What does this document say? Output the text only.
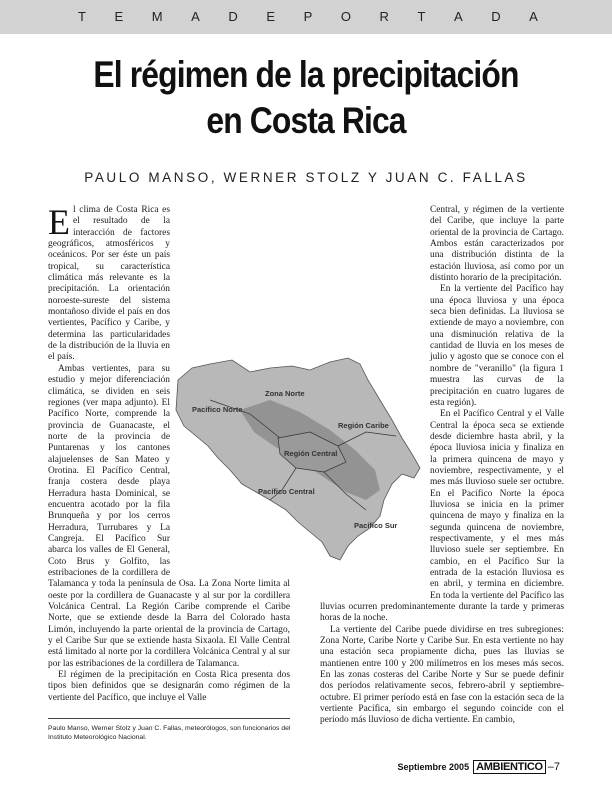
T E M A D E P O R T A D A
El régimen de la precipitación
en Costa Rica
PAULO MANSO, WERNER STOLZ Y JUAN C. FALLAS

El clima de Costa Rica es el resultado de la interacción de factores geográficos, atmosféricos y oceánicos. Por ser éste un país tropical, su característica climática más relevante es la precipitación. La orientación noroeste-sureste del sistema montañoso divide el país en dos vertientes, Pacífico y Caribe, y determina las particularidades de la distribución de la lluvia en el país.

Ambas vertientes, para su estudio y mejor diferenciación climática, se dividen en seis regiones (ver mapa adjunto). El Pacífico Norte, comprende la provincia de Guanacaste, el norte de la provincia de Puntarenas y los cantones alajuelenses de San Mateo y Orotina. El Pacífico Central, franja costera desde playa Herradura hasta Dominical, se encuentra acotado por la fila Brunqueña y por los cerros Herradura, Turrubares y La Cangreja. El Pacífico Sur abarca los valles de El General, Coto Brus y Golfito, las estribaciones de la cordillera de Talamanca y toda la península de Osa. La Zona Norte limita al oeste por la cordillera de Guanacaste y al sur por la cordillera Volcánica Central. La Región Caribe comprende el Caribe Norte, que se extiende desde la Barra del Colorado hasta Limón, incluyendo la parte oriental de la provincia de Cartago, y el Caribe Sur que se extiende hasta Sixaola. El Valle Central está limitado al norte por la cordillera Volcánica Central y al sur por las estribaciones de la cordillera de Talamanca.

El régimen de la precipitación en Costa Rica presenta dos tipos bien definidos que se designarán como régimen de la vertiente del Pacífico, que incluye el Valle

Central, y régimen de la vertiente del Caribe, que incluye la parte oriental de la provincia de Cartago. Ambos están caracterizados por una distribución distinta de la estación lluviosa, así como por un distinto horario de la precipitación.

En la vertiente del Pacífico hay una época lluviosa y una época seca bien definidas. La lluviosa se extiende de mayo a noviembre, con una disminución relativa de la cantidad de lluvia en los meses de julio y agosto que se conoce con el nombre de "veranillo" (la figura 1 muestra las curvas de la precipitación en cuatro lugares de esta región).

En el Pacífico Central y el Valle Central la época seca se extiende desde diciembre hasta abril, y la época lluviosa inicia y finaliza en la primera quincena de mayo y noviembre, respectivamente, y el mes más lluvioso suele ser octubre. En el Pacífico Norte la época lluviosa se inicia en la primer quincena de mayo y finaliza en la segunda quincena de noviembre, respectivamente, y el mes más lluvioso suele ser septiembre. En cambio, en el Pacífico Sur la entrada de la estación lluviosa es en abril, y termina en diciembre. En toda la vertiente del Pacífico las lluvias ocurren predominantemente durante la tarde y primeras horas de la noche.

La vertiente del Caribe puede dividirse en tres subregiones: Zona Norte, Caribe Norte y Caribe Sur. En esta vertiente no hay una estación seca propiamente dicha, pues las lluvias se mantienen entre 100 y 200 milímetros en los meses más secos. En las zonas costeras del Caribe Norte y Sur se puede definir dos períodos relativamente secos, febrero-abril y septiembre-octubre. El primer período está en fase con la estación seca de la vertiente Pacífica, sin embargo el segundo coincide con el período más lluvioso de dicha vertiente. En cambio,

Zona Norte
Pacífico Norte
Región Caribe
Región Central
Pacífico Central
Pacífico Sur
Paulo Manso, Werner Stolz y Juan C. Fallas, meteorólogos, son funcionarios del Instituto Meteorológico Nacional.
Septiembre 2005 AMBIENTICO –7
